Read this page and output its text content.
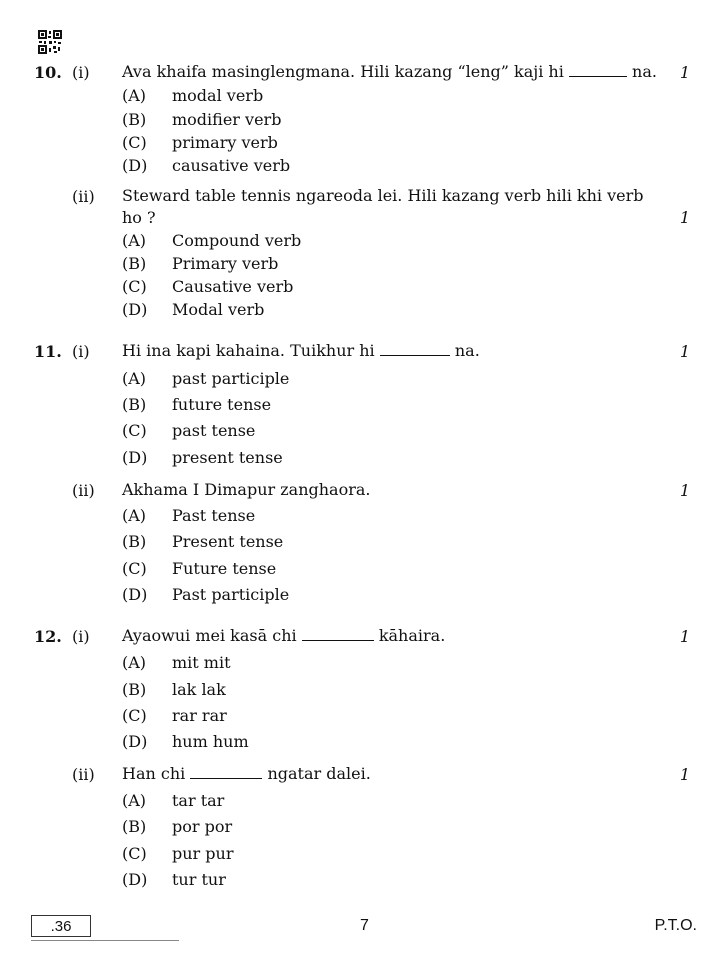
10. (i) Ava khaifa masinglengmana. Hili kazang “leng” kaji hi	na. 1
(A) modal verb
(B) modifier verb
(C) primary verb
(D) causative verb
(ii) Steward table tennis ngareoda lei. Hili kazang verb hili khi verb
ho ?	1
(A) Compound verb
(B) Primary verb
(C) Causative verb
(D) Modal verb
11. (i) Hi ina kapi kahaina. Tuikhur hi	na.	1
(A) past participle
(B) future tense
(C) past tense
(D) present tense
(ii) Akhama I Dimapur zanghaora.	1
(A) Past tense
(B) Present tense
(C) Future tense
(D) Past participle
12. (i) Ayaowui mei kasā chi	kāhaira.	1
(A) mit mit
(B) lak lak
(C) rar rar
(D) hum hum
(ii) Han chi	ngatar dalei.	1
(A) tar tar
(B) por por
(C) pur pur
(D) tur tur
.36	7	P.T.O.
